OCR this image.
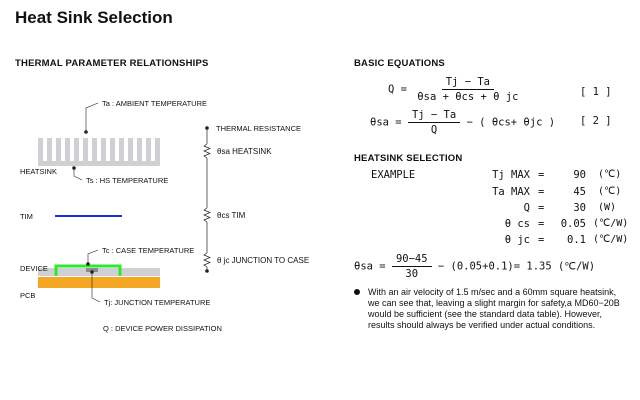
Heat Sink Selection
THERMAL PARAMETER RELATIONSHIPS
Ta : AMBIENT TEMPERATURE
HEATSINK
Ts : HS TEMPERATURE
TIM
Tc : CASE TEMPERATURE
DEVICE
PCB
Tj: JUNCTION TEMPERATURE
Q : DEVICE POWER DISSIPATION
THERMAL RESISTANCE
θsa HEATSINK
θcs TIM
θ jc JUNCTION TO CASE
BASIC EQUATIONS
$Q = \frac{Tj - Ta}{\text{θsa + θcs + θ jc}}$	[ 1 ]
$\theta sa = \frac{Tj - Ta}{Q}$ − ( θcs+ θjc ) [ 2 ]
HEATSINK SELECTION
EXAMPLE	Tj MAX =	90 (℃)
Ta MAX =	45 (℃)
Q =	30 (W)
θ cs =	0.05 (℃/W)
θ jc =	0.1 (℃/W)
$\theta sa = \frac{90-45}{30} - (0.05+0.1)= 1.35$ (℃/W)
With an air velocity of 1.5 m/sec and a 60mm square heatsink, we can see that, leaving a slight margin for safety,a MD60−20B would be sufficient (see the standard data table). However, results should always be verified under actual conditions.
